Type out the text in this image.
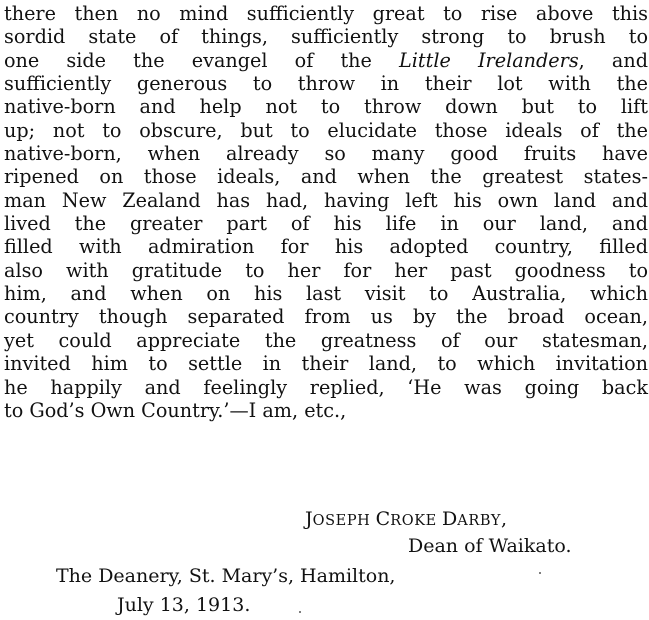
there then no mind sufficiently great to rise above this
sordid state of things, sufficiently strong to brush to
one side the evangel of the Little Irelanders, and
sufficiently generous to throw in their lot with the
native-born and help not to throw down but to lift
up; not to obscure, but to elucidate those ideals of the
native-born, when already so many good fruits have
ripened on those ideals, and when the greatest states-
man New Zealand has had, having left his own land and
lived the greater part of his life in our land, and
filled with admiration for his adopted country, filled
also with gratitude to her for her past goodness to
him, and when on his last visit to Australia, which
country though separated from us by the broad ocean,
yet could appreciate the greatness of our statesman,
invited him to settle in their land, to which invitation
he happily and feelingly replied, ‘He was going back
to God’s Own Country.’—I am, etc.,
JOSEPH CROKE DARBY,
Dean of Waikato.
The Deanery, St. Mary’s, Hamilton,
July 13, 1913.
